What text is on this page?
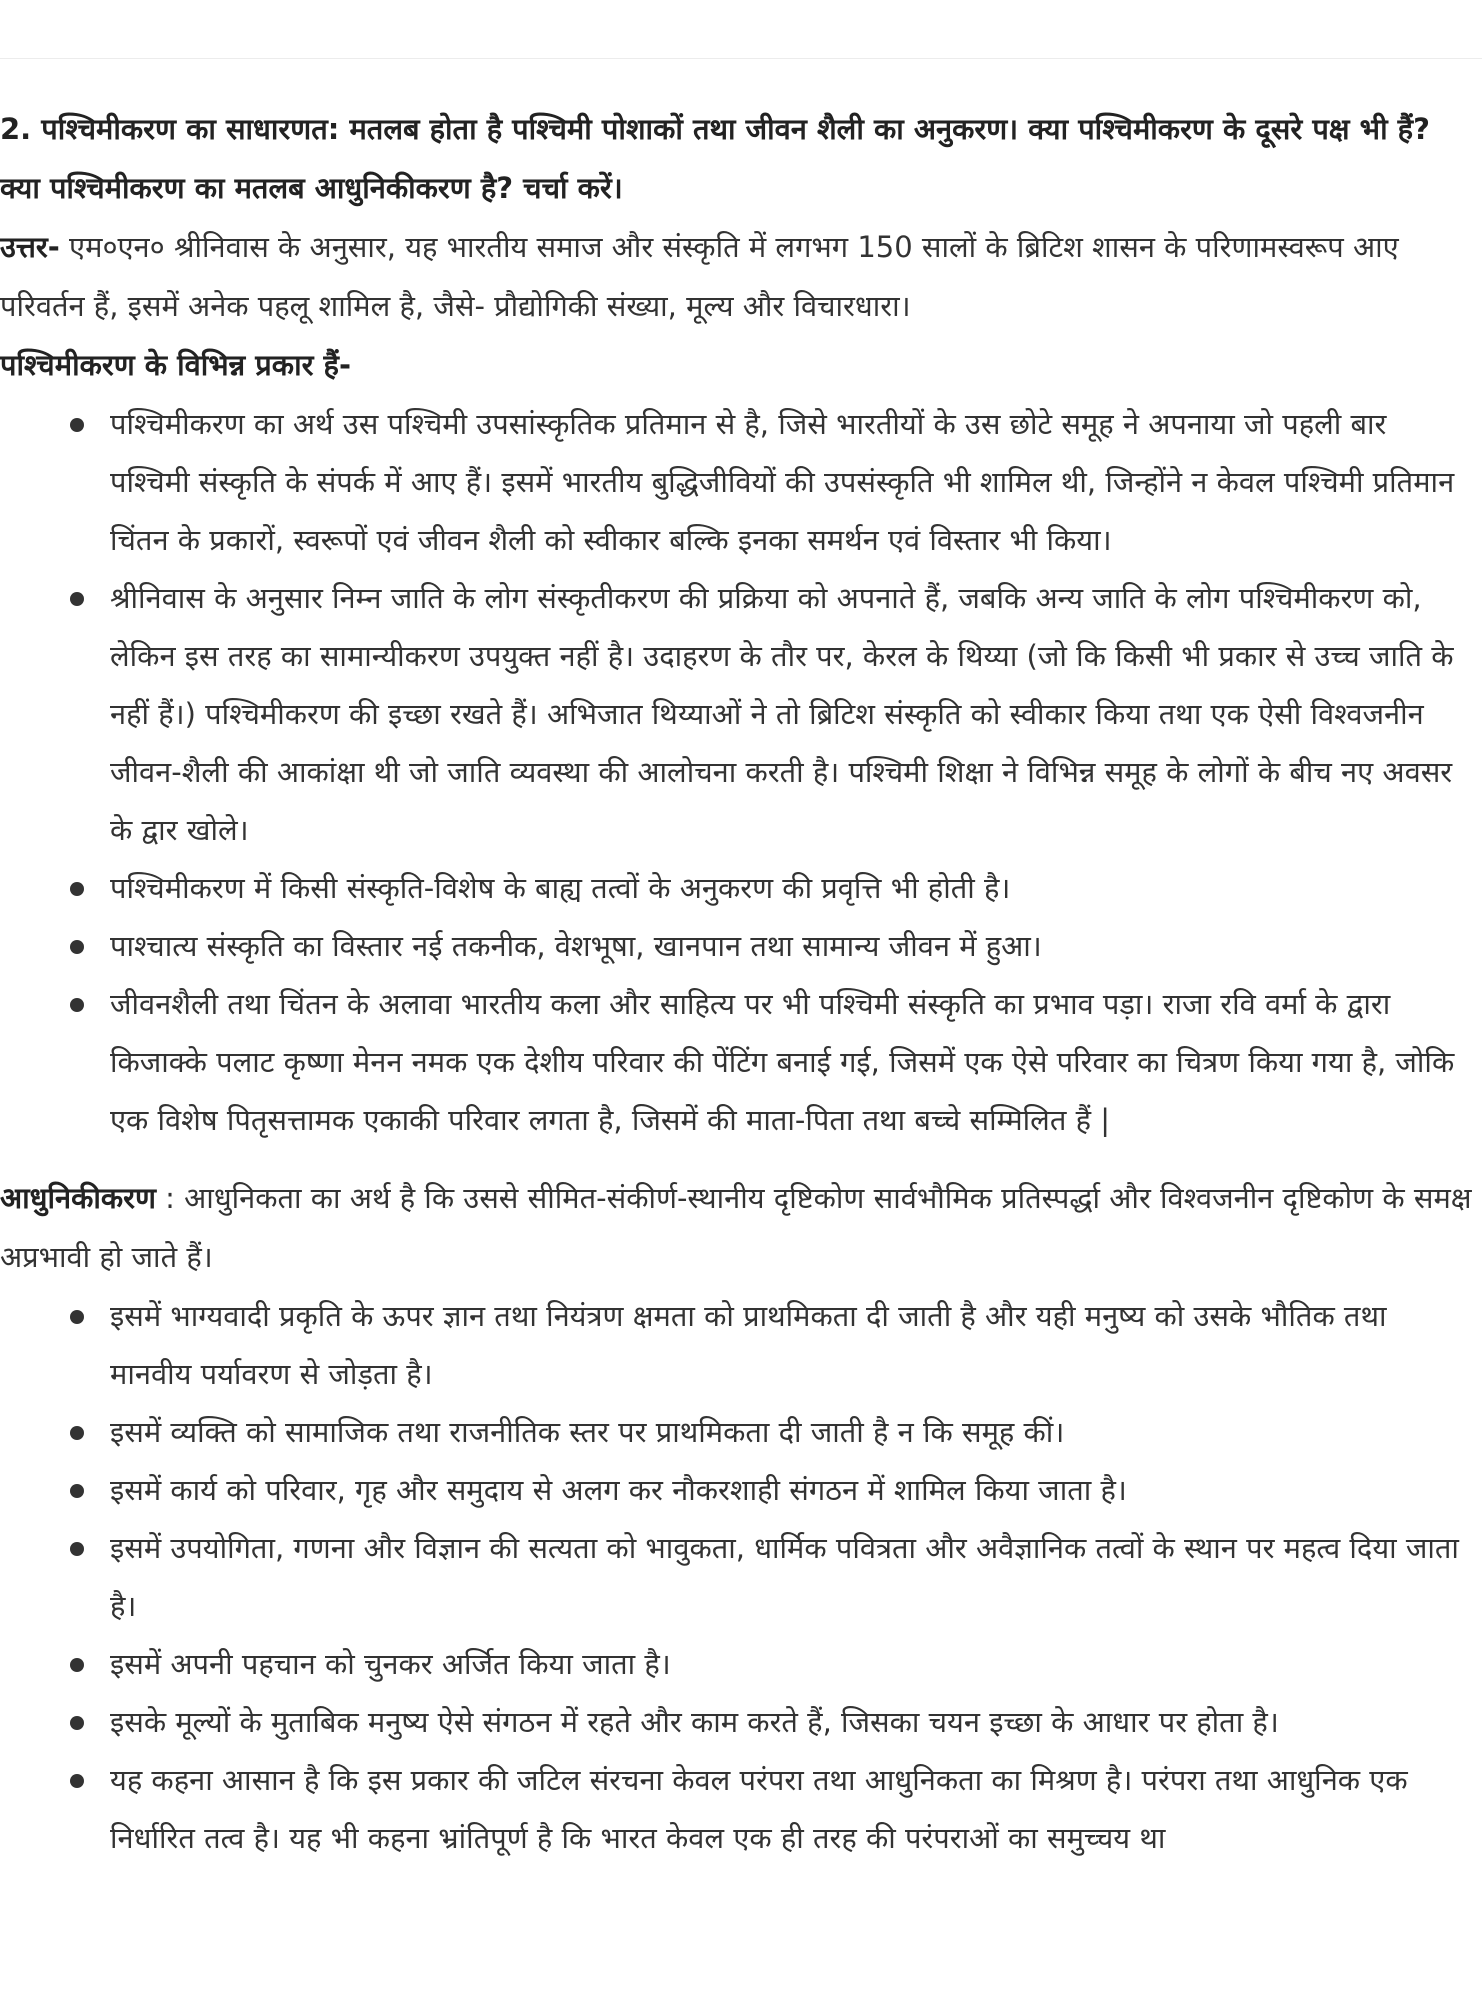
2. पश्चिमीकरण का साधारणत: मतलब होता है पश्चिमी पोशाकों तथा जीवन शैली का अनुकरण। क्या पश्चिमीकरण के दूसरे पक्ष भी हैं? क्या पश्चिमीकरण का मतलब आधुनिकीकरण है? चर्चा करें।

उत्तर- एम०एन० श्रीनिवास के अनुसार, यह भारतीय समाज और संस्कृति में लगभग 150 सालों के ब्रिटिश शासन के परिणामस्वरूप आए परिवर्तन हैं, इसमें अनेक पहलू शामिल है, जैसे- प्रौद्योगिकी संख्या, मूल्य और विचारधारा।

पश्चिमीकरण के विभिन्न प्रकार हैं-

पश्चिमीकरण का अर्थ उस पश्चिमी उपसांस्कृतिक प्रतिमान से है, जिसे भारतीयों के उस छोटे समूह ने अपनाया जो पहली बार पश्चिमी संस्कृति के संपर्क में आए हैं। इसमें भारतीय बुद्धिजीवियों की उपसंस्कृति भी शामिल थी, जिन्होंने न केवल पश्चिमी प्रतिमान चिंतन के प्रकारों, स्वरूपों एवं जीवन शैली को स्वीकार बल्कि इनका समर्थन एवं विस्तार भी किया।
श्रीनिवास के अनुसार निम्न जाति के लोग संस्कृतीकरण की प्रक्रिया को अपनाते हैं, जबकि अन्य जाति के लोग पश्चिमीकरण को, लेकिन इस तरह का सामान्यीकरण उपयुक्त नहीं है। उदाहरण के तौर पर, केरल के थिय्या (जो कि किसी भी प्रकार से उच्च जाति के नहीं हैं।) पश्चिमीकरण की इच्छा रखते हैं। अभिजात थिय्याओं ने तो ब्रिटिश संस्कृति को स्वीकार किया तथा एक ऐसी विश्वजनीन जीवन-शैली की आकांक्षा थी जो जाति व्यवस्था की आलोचना करती है। पश्चिमी शिक्षा ने विभिन्न समूह के लोगों के बीच नए अवसर के द्वार खोले।
पश्चिमीकरण में किसी संस्कृति-विशेष के बाह्य तत्वों के अनुकरण की प्रवृत्ति भी होती है।
पाश्चात्य संस्कृति का विस्तार नई तकनीक, वेशभूषा, खानपान तथा सामान्य जीवन में हुआ।
जीवनशैली तथा चिंतन के अलावा भारतीय कला और साहित्य पर भी पश्चिमी संस्कृति का प्रभाव पड़ा। राजा रवि वर्मा के द्वारा किजाक्के पलाट कृष्णा मेनन नमक एक देशीय परिवार की पेंटिंग बनाई गई, जिसमें एक ऐसे परिवार का चित्रण किया गया है, जोकि एक विशेष पितृसत्तामक एकाकी परिवार लगता है, जिसमें की माता-पिता तथा बच्चे सम्मिलित हैं |

आधुनिकीकरण : आधुनिकता का अर्थ है कि उससे सीमित-संकीर्ण-स्थानीय दृष्टिकोण सार्वभौमिक प्रतिस्पर्द्धा और विश्वजनीन दृष्टिकोण के समक्ष अप्रभावी हो जाते हैं।

इसमें भाग्यवादी प्रकृति के ऊपर ज्ञान तथा नियंत्रण क्षमता को प्राथमिकता दी जाती है और यही मनुष्य को उसके भौतिक तथा मानवीय पर्यावरण से जोड़ता है।
इसमें व्यक्ति को सामाजिक तथा राजनीतिक स्तर पर प्राथमिकता दी जाती है न कि समूह कीं।
इसमें कार्य को परिवार, गृह और समुदाय से अलग कर नौकरशाही संगठन में शामिल किया जाता है।
इसमें उपयोगिता, गणना और विज्ञान की सत्यता को भावुकता, धार्मिक पवित्रता और अवैज्ञानिक तत्वों के स्थान पर महत्व दिया जाता है।
इसमें अपनी पहचान को चुनकर अर्जित किया जाता है।
इसके मूल्यों के मुताबिक मनुष्य ऐसे संगठन में रहते और काम करते हैं, जिसका चयन इच्छा के आधार पर होता है।
यह कहना आसान है कि इस प्रकार की जटिल संरचना केवल परंपरा तथा आधुनिकता का मिश्रण है। परंपरा तथा आधुनिक एक निर्धारित तत्व है। यह भी कहना भ्रांतिपूर्ण है कि भारत केवल एक ही तरह की परंपराओं का समुच्चय था
